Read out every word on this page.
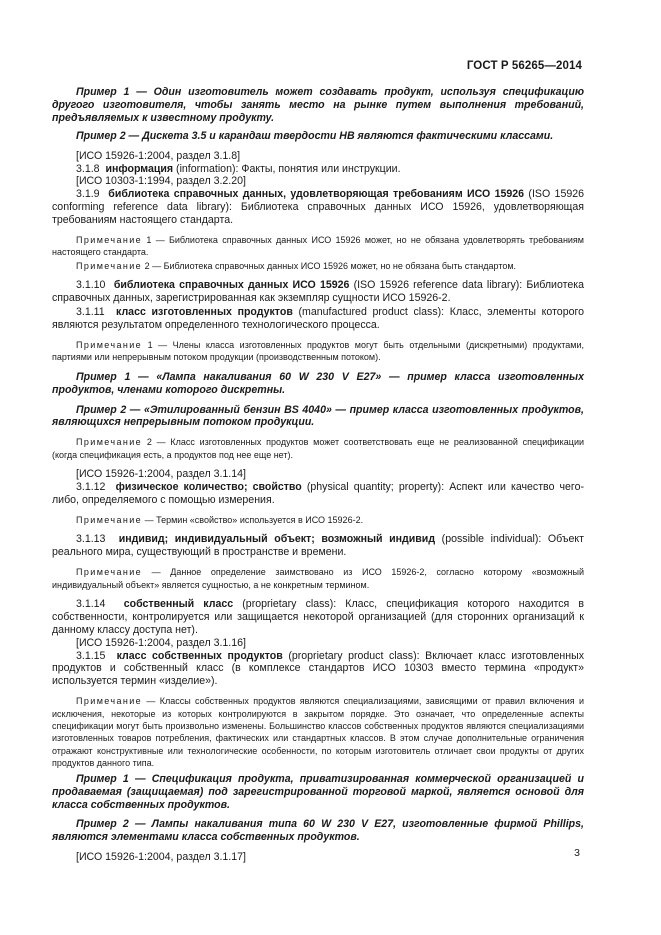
ГОСТ Р 56265—2014

Пример 1 — Один изготовитель может создавать продукт, используя спецификацию другого изготовителя, чтобы занять место на рынке путем выполнения требований, предъявляемых к известному продукту.

Пример 2 — Дискета 3.5 и карандаш твердости НВ являются фактическими классами.

[ИСО 15926-1:2004, раздел 3.1.8]

3.1.8 информация (information): Факты, понятия или инструкции.

[ИСО 10303-1:1994, раздел 3.2.20]

3.1.9 библиотека справочных данных, удовлетворяющая требованиям ИСО 15926 (ISO 15926 conforming reference data library): Библиотека справочных данных ИСО 15926, удовлетворяющая требованиям настоящего стандарта.

Примечание 1 — Библиотека справочных данных ИСО 15926 может, но не обязана удовлетворять требованиям настоящего стандарта.

Примечание 2 — Библиотека справочных данных ИСО 15926 может, но не обязана быть стандартом.

3.1.10 библиотека справочных данных ИСО 15926 (ISO 15926 reference data library): Библиотека справочных данных, зарегистрированная как экземпляр сущности ИСО 15926-2.

3.1.11 класс изготовленных продуктов (manufactured product class): Класс, элементы которого являются результатом определенного технологического процесса.

Примечание 1 — Члены класса изготовленных продуктов могут быть отдельными (дискретными) продуктами, партиями или непрерывным потоком продукции (производственным потоком).

Пример 1 — «Лампа накаливания 60 W 230 V E27» — пример класса изготовленных продуктов, членами которого дискретны.

Пример 2 — «Этилированный бензин BS 4040» — пример класса изготовленных продуктов, являющихся непрерывным потоком продукции.

Примечание 2 — Класс изготовленных продуктов может соответствовать еще не реализованной спецификации (когда спецификация есть, а продуктов под нее еще нет).

[ИСО 15926-1:2004, раздел 3.1.14]

3.1.12 физическое количество; свойство (physical quantity; property): Аспект или качество чего-либо, определяемого с помощью измерения.

Примечание — Термин «свойство» используется в ИСО 15926-2.

3.1.13 индивид; индивидуальный объект; возможный индивид (possible individual): Объект реального мира, существующий в пространстве и времени.

Примечание — Данное определение заимствовано из ИСО 15926-2, согласно которому «возможный индивидуальный объект» является сущностью, а не конкретным термином.

3.1.14 собственный класс (proprietary class): Класс, спецификация которого находится в собственности, контролируется или защищается некоторой организацией (для сторонних организаций к данному классу доступа нет).

[ИСО 15926-1:2004, раздел 3.1.16]

3.1.15 класс собственных продуктов (proprietary product class): Включает класс изготовленных продуктов и собственный класс (в комплексе стандартов ИСО 10303 вместо термина «продукт» используется термин «изделие»).

Примечание — Классы собственных продуктов являются специализациями, зависящими от правил включения и исключения, некоторые из которых контролируются в закрытом порядке. Это означает, что определенные аспекты спецификации могут быть произвольно изменены. Большинство классов собственных продуктов являются специализациями изготовленных товаров потребления, фактических или стандартных классов. В этом случае дополнительные ограничения отражают конструктивные или технологические особенности, по которым изготовитель отличает свои продукты от других продуктов данного типа.

Пример 1 — Спецификация продукта, приватизированная коммерческой организацией и продаваемая (защищаемая) под зарегистрированной торговой маркой, является основой для класса собственных продуктов.

Пример 2 — Лампы накаливания типа 60 W 230 V E27, изготовленные фирмой Phillips, являются элементами класса собственных продуктов.

[ИСО 15926-1:2004, раздел 3.1.17]	3
